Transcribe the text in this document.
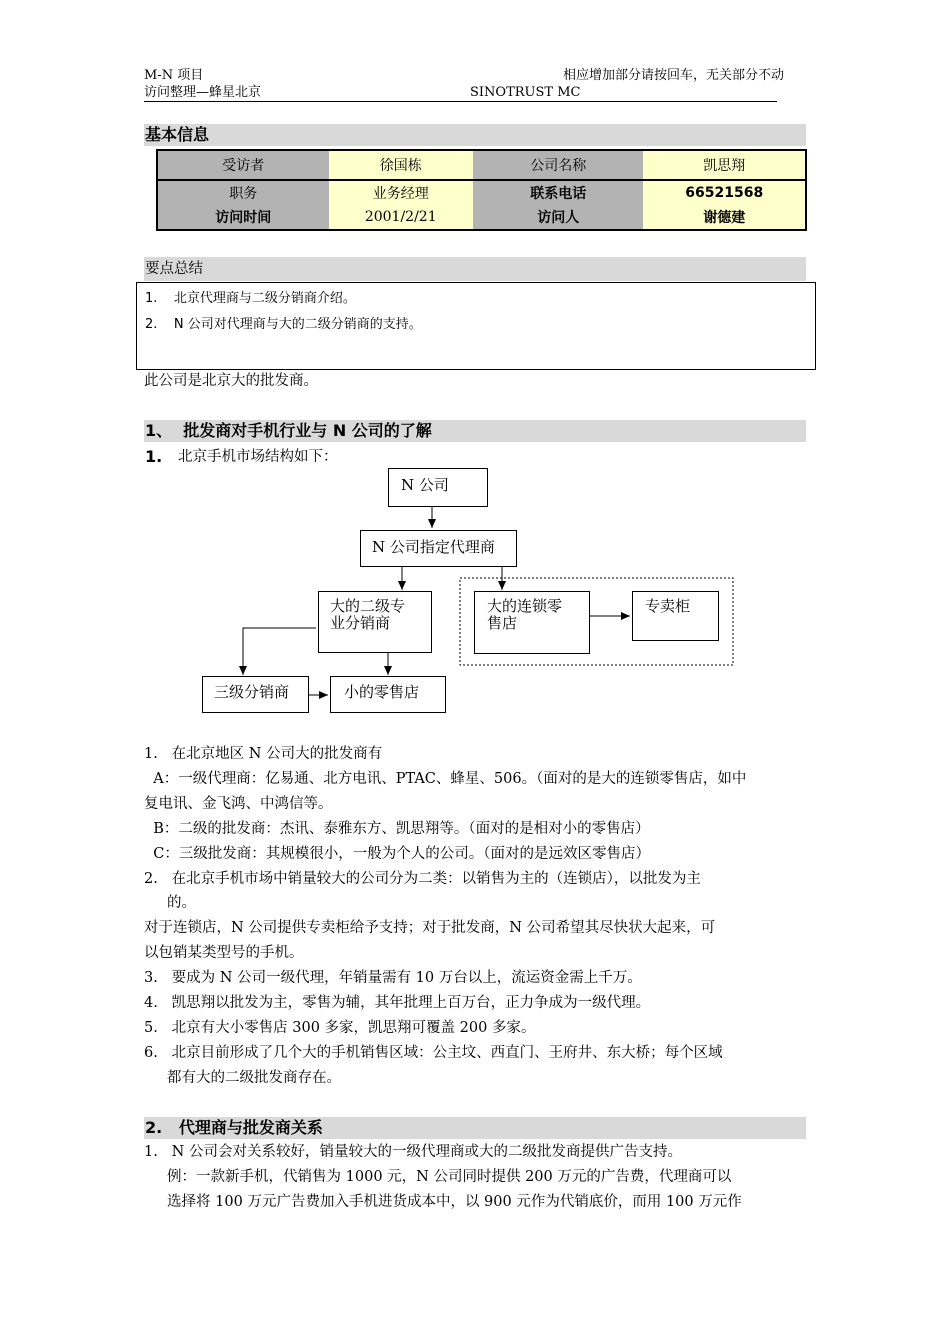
M-N 项目
访问整理—蜂星北京
相应增加部分请按回车，无关部分不动
SINOTRUST MC
基本信息
受访者	徐国栋	公司名称	凯思翔
职务	业务经理	联系电话	66521568
访问时间	2001/2/21	访问人	谢德建
要点总结
1.    北京代理商与二级分销商介绍。
2.    N 公司对代理商与大的二级分销商的支持。
此公司是北京大的批发商。
1、  批发商对手机行业与 N 公司的了解
1. 北京手机市场结构如下：
N 公司
N 公司指定代理商
大的二级专
业分销商
大的连锁零
售店
专卖柜
三级分销商	小的零售店
1.   在北京地区 N 公司大的批发商有
A：一级代理商：亿易通、北方电讯、PTAC、蜂星、506。（面对的是大的连锁零售店，如中
复电讯、金飞鸿、中鸿信等。
B：二级的批发商：杰讯、泰雅东方、凯思翔等。（面对的是相对小的零售店）
C：三级批发商：其规模很小，一般为个人的公司。（面对的是远效区零售店）
2.   在北京手机市场中销量较大的公司分为二类：以销售为主的（连锁店），以批发为主
的。
对于连锁店，N 公司提供专卖柜给予支持；对于批发商，N 公司希望其尽快状大起来，可
以包销某类型号的手机。
3.   要成为 N 公司一级代理，年销量需有 10 万台以上，流运资金需上千万。
4.   凯思翔以批发为主，零售为辅，其年批理上百万台，正力争成为一级代理。
5.   北京有大小零售店 300 多家，凯思翔可覆盖 200 多家。
6.   北京目前形成了几个大的手机销售区域：公主坟、西直门、王府井、东大桥；每个区域
都有大的二级批发商存在。
2.   代理商与批发商关系
1.   N 公司会对关系较好，销量较大的一级代理商或大的二级批发商提供广告支持。
例：一款新手机，代销售为 1000 元，N 公司同时提供 200 万元的广告费，代理商可以
选择将 100 万元广告费加入手机进货成本中，以 900 元作为代销底价，而用 100 万元作
